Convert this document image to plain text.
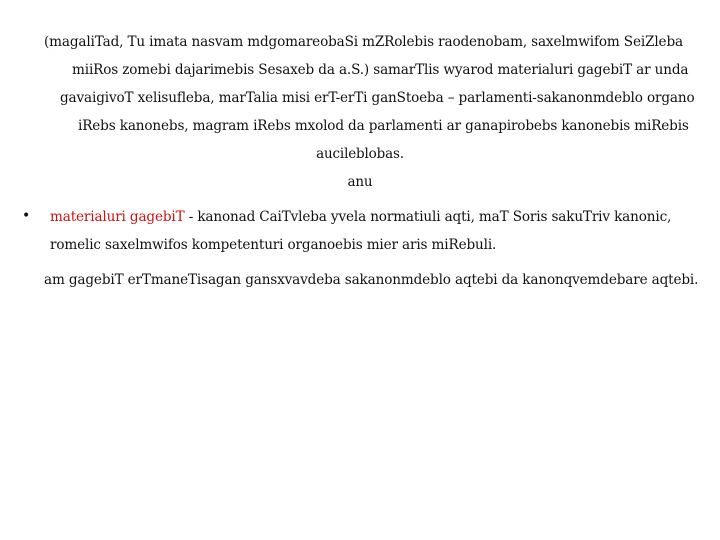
(magaliTad, Tu imata nasvam mdgomareobaSi mZRolebis raodenobam, saxelmwifom SeiZleba
miiRos zomebi dajarimebis Sesaxeb da a.S.) samarTlis wyarod materialuri gagebiT ar unda
gavaigivoT xelisufleba, marTalia misi erT-erTi ganStoeba – parlamenti-sakanonmdeblo organo
iRebs kanonebs, magram iRebs mxolod da parlamenti ar ganapirobebs kanonebis miRebis
aucileblobas.
anu
• materialuri gagebiT - kanonad CaiTvleba yvela normatiuli aqti, maT Soris sakuTriv kanonic,
romelic saxelmwifos kompetenturi organoebis mier aris miRebuli.
am gagebiT erTmaneTisagan gansxvavdeba sakanonmdeblo aqtebi da kanonqvemdebare aqtebi.
